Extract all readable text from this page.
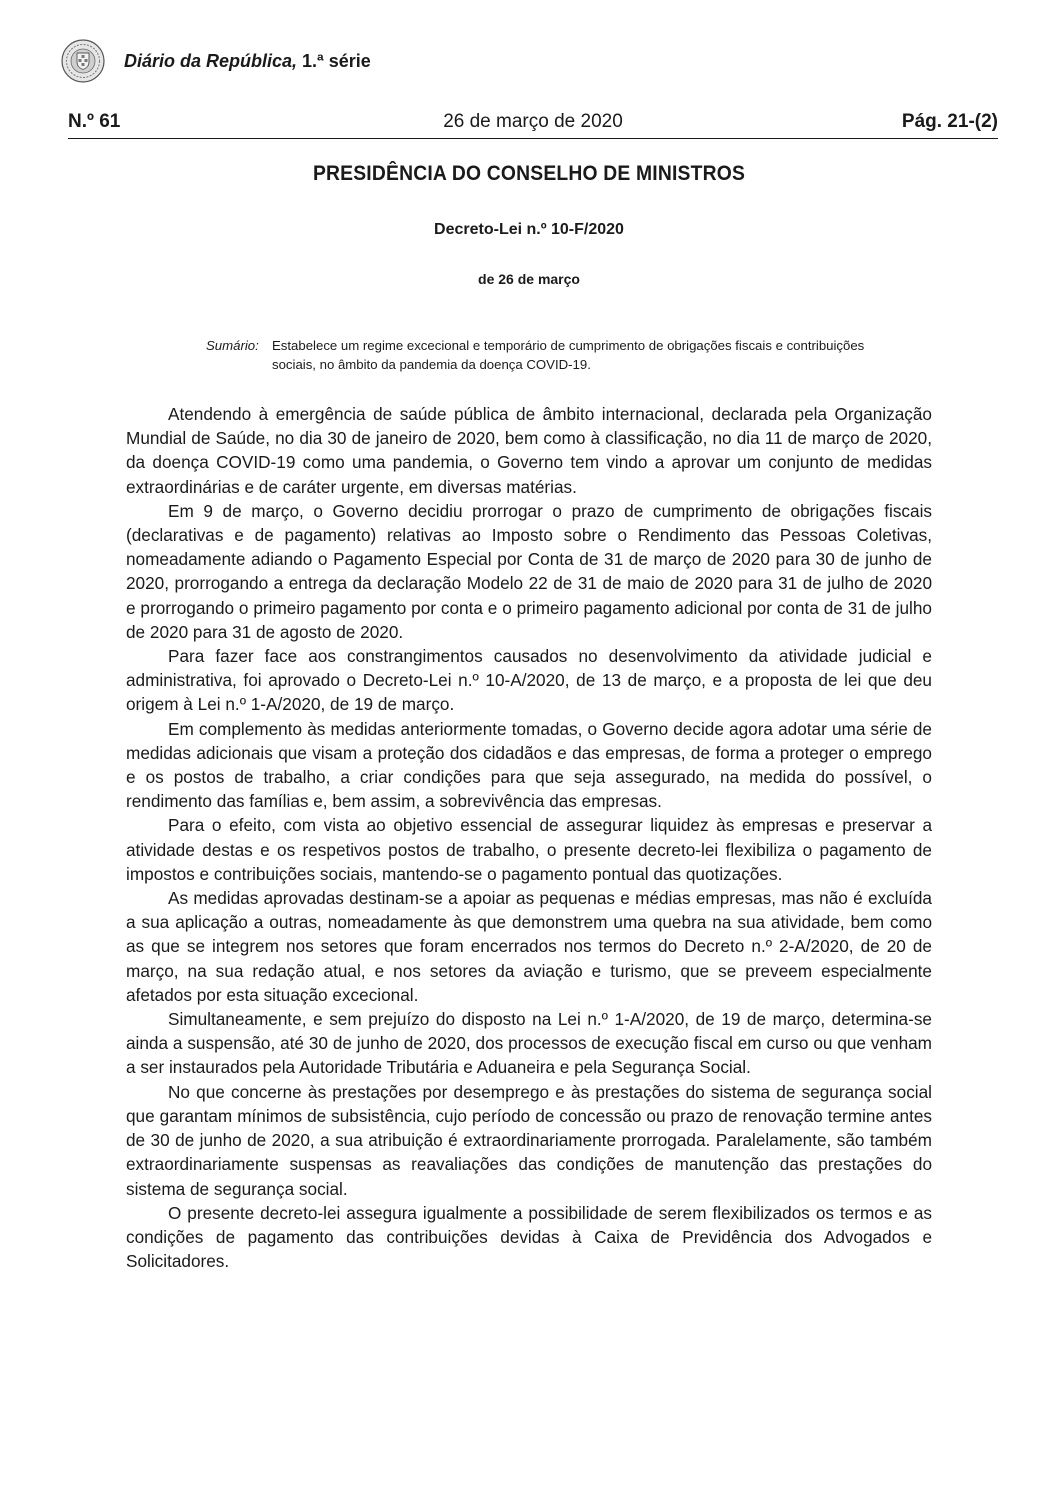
Diário da República, 1.ª série
N.º 61	26 de março de 2020	Pág. 21-(2)
PRESIDÊNCIA DO CONSELHO DE MINISTROS
Decreto-Lei n.º 10-F/2020
de 26 de março
Sumário:	Estabelece um regime excecional e temporário de cumprimento de obrigações fiscais e contribuições sociais, no âmbito da pandemia da doença COVID-19.

Atendendo à emergência de saúde pública de âmbito internacional, declarada pela Organização Mundial de Saúde, no dia 30 de janeiro de 2020, bem como à classificação, no dia 11 de março de 2020, da doença COVID-19 como uma pandemia, o Governo tem vindo a aprovar um conjunto de medidas extraordinárias e de caráter urgente, em diversas matérias.

Em 9 de março, o Governo decidiu prorrogar o prazo de cumprimento de obrigações fiscais (declarativas e de pagamento) relativas ao Imposto sobre o Rendimento das Pessoas Coletivas, nomeadamente adiando o Pagamento Especial por Conta de 31 de março de 2020 para 30 de junho de 2020, prorrogando a entrega da declaração Modelo 22 de 31 de maio de 2020 para 31 de julho de 2020 e prorrogando o primeiro pagamento por conta e o primeiro pagamento adicional por conta de 31 de julho de 2020 para 31 de agosto de 2020.

Para fazer face aos constrangimentos causados no desenvolvimento da atividade judicial e administrativa, foi aprovado o Decreto-Lei n.º 10-A/2020, de 13 de março, e a proposta de lei que deu origem à Lei n.º 1-A/2020, de 19 de março.

Em complemento às medidas anteriormente tomadas, o Governo decide agora adotar uma série de medidas adicionais que visam a proteção dos cidadãos e das empresas, de forma a proteger o emprego e os postos de trabalho, a criar condições para que seja assegurado, na medida do possível, o rendimento das famílias e, bem assim, a sobrevivência das empresas.

Para o efeito, com vista ao objetivo essencial de assegurar liquidez às empresas e preservar a atividade destas e os respetivos postos de trabalho, o presente decreto-lei flexibiliza o pagamento de impostos e contribuições sociais, mantendo-se o pagamento pontual das quotizações.

As medidas aprovadas destinam-se a apoiar as pequenas e médias empresas, mas não é excluída a sua aplicação a outras, nomeadamente às que demonstrem uma quebra na sua atividade, bem como as que se integrem nos setores que foram encerrados nos termos do Decreto n.º 2-A/2020, de 20 de março, na sua redação atual, e nos setores da aviação e turismo, que se preveem especialmente afetados por esta situação excecional.

Simultaneamente, e sem prejuízo do disposto na Lei n.º 1-A/2020, de 19 de março, determina-se ainda a suspensão, até 30 de junho de 2020, dos processos de execução fiscal em curso ou que venham a ser instaurados pela Autoridade Tributária e Aduaneira e pela Segurança Social.

No que concerne às prestações por desemprego e às prestações do sistema de segurança social que garantam mínimos de subsistência, cujo período de concessão ou prazo de renovação termine antes de 30 de junho de 2020, a sua atribuição é extraordinariamente prorrogada. Paralelamente, são também extraordinariamente suspensas as reavaliações das condições de manutenção das prestações do sistema de segurança social.

O presente decreto-lei assegura igualmente a possibilidade de serem flexibilizados os termos e as condições de pagamento das contribuições devidas à Caixa de Previdência dos Advogados e Solicitadores.
